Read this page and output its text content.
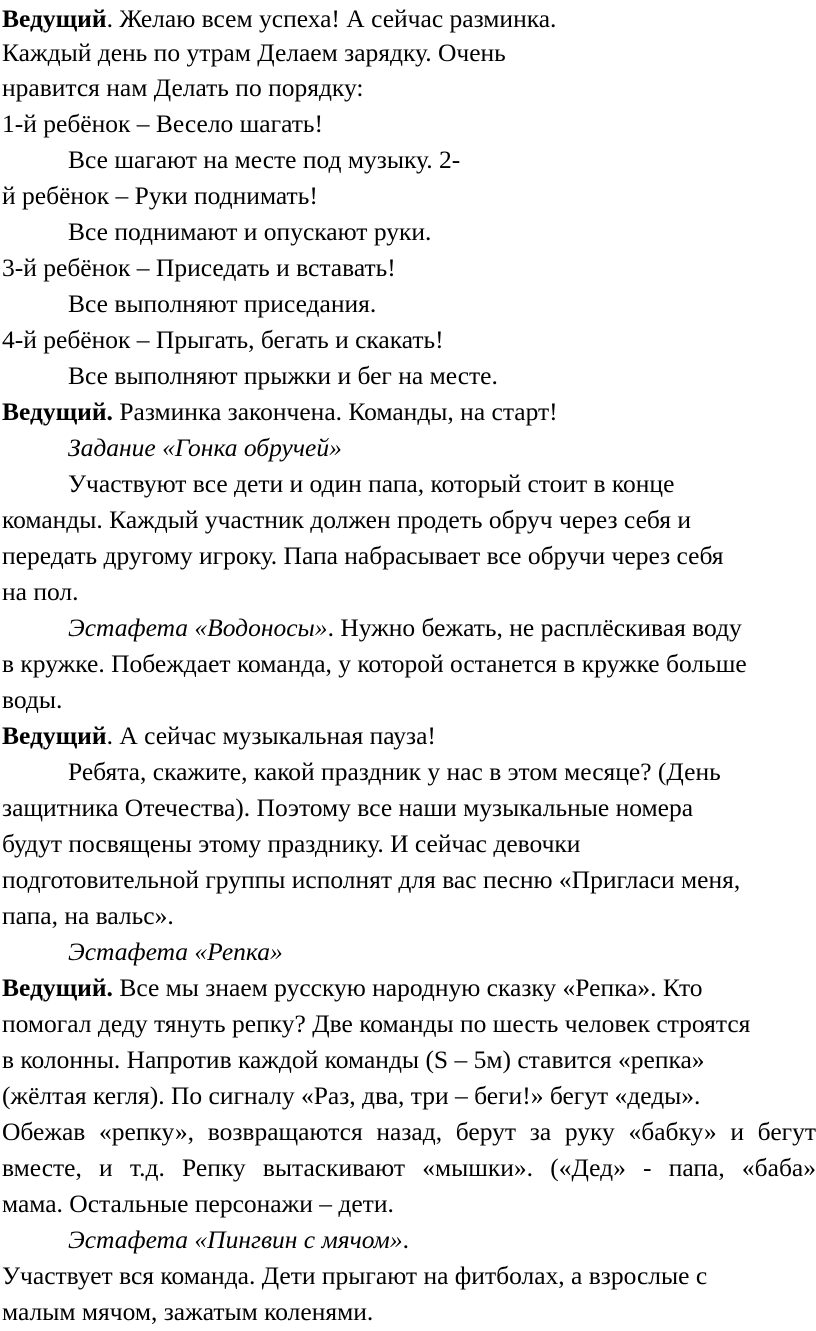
Ведущий. Желаю всем успеха! А сейчас разминка.
Каждый день по утрам Делаем зарядку. Очень
нравится нам Делать по порядку:
1-й ребёнок – Весело шагать!
Все шагают на месте под музыку. 2-
й ребёнок – Руки поднимать!
Все поднимают и опускают руки.
3-й ребёнок – Приседать и вставать!
Все выполняют приседания.
4-й ребёнок – Прыгать, бегать и скакать!
Все выполняют прыжки и бег на месте.
Ведущий. Разминка закончена. Команды, на старт!
Задание «Гонка обручей»
Участвуют все дети и один папа, который стоит в конце
команды. Каждый участник должен продеть обруч через себя и
передать другому игроку. Папа набрасывает все обручи через себя
на пол.
Эстафета «Водоносы». Нужно бежать, не расплёскивая воду
в кружке. Побеждает команда, у которой останется в кружке больше
воды.
Ведущий. А сейчас музыкальная пауза!
Ребята, скажите, какой праздник у нас в этом месяце? (День
защитника Отечества). Поэтому все наши музыкальные номера
будут посвящены этому празднику. И сейчас девочки
подготовительной группы исполнят для вас песню «Пригласи меня,
папа, на вальс».
Эстафета «Репка»
Ведущий. Все мы знаем русскую народную сказку «Репка». Кто
помогал деду тянуть репку? Две команды по шесть человек строятся
в колонны. Напротив каждой команды (S – 5м) ставится «репка»
(жёлтая кегля). По сигналу «Раз, два, три – беги!» бегут «деды».
Обежав «репку», возвращаются назад, берут за руку «бабку» и бегут
вместе, и т.д. Репку вытаскивают «мышки». («Дед» - папа, «баба»
мама. Остальные персонажи – дети.
Эстафета «Пингвин с мячом».
Участвует вся команда. Дети прыгают на фитболах, а взрослые с
малым мячом, зажатым коленями.
